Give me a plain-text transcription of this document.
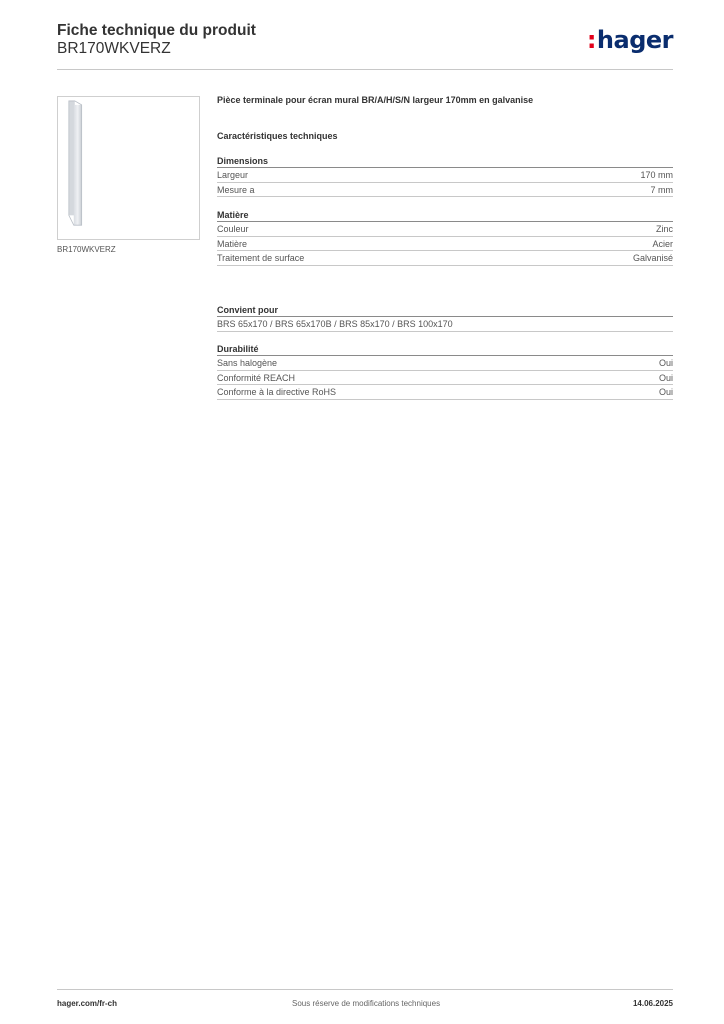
Fiche technique du produit
BR170WKVERZ	:hager
BR170WKVERZ
Pièce terminale pour écran mural BR/A/H/S/N largeur 170mm en galvanise
Caractéristiques techniques
Dimensions
Largeur	170 mm
Mesure a	7 mm
Matière
Couleur	Zinc
Matière	Acier
Traitement de surface	Galvanisé
Convient pour
BRS 65x170 / BRS 65x170B / BRS 85x170 / BRS 100x170
Durabilité
Sans halogène	Oui
Conformité REACH	Oui
Conforme à la directive RoHS	Oui
hager.com/fr-ch	Sous réserve de modifications techniques	14.06.2025
